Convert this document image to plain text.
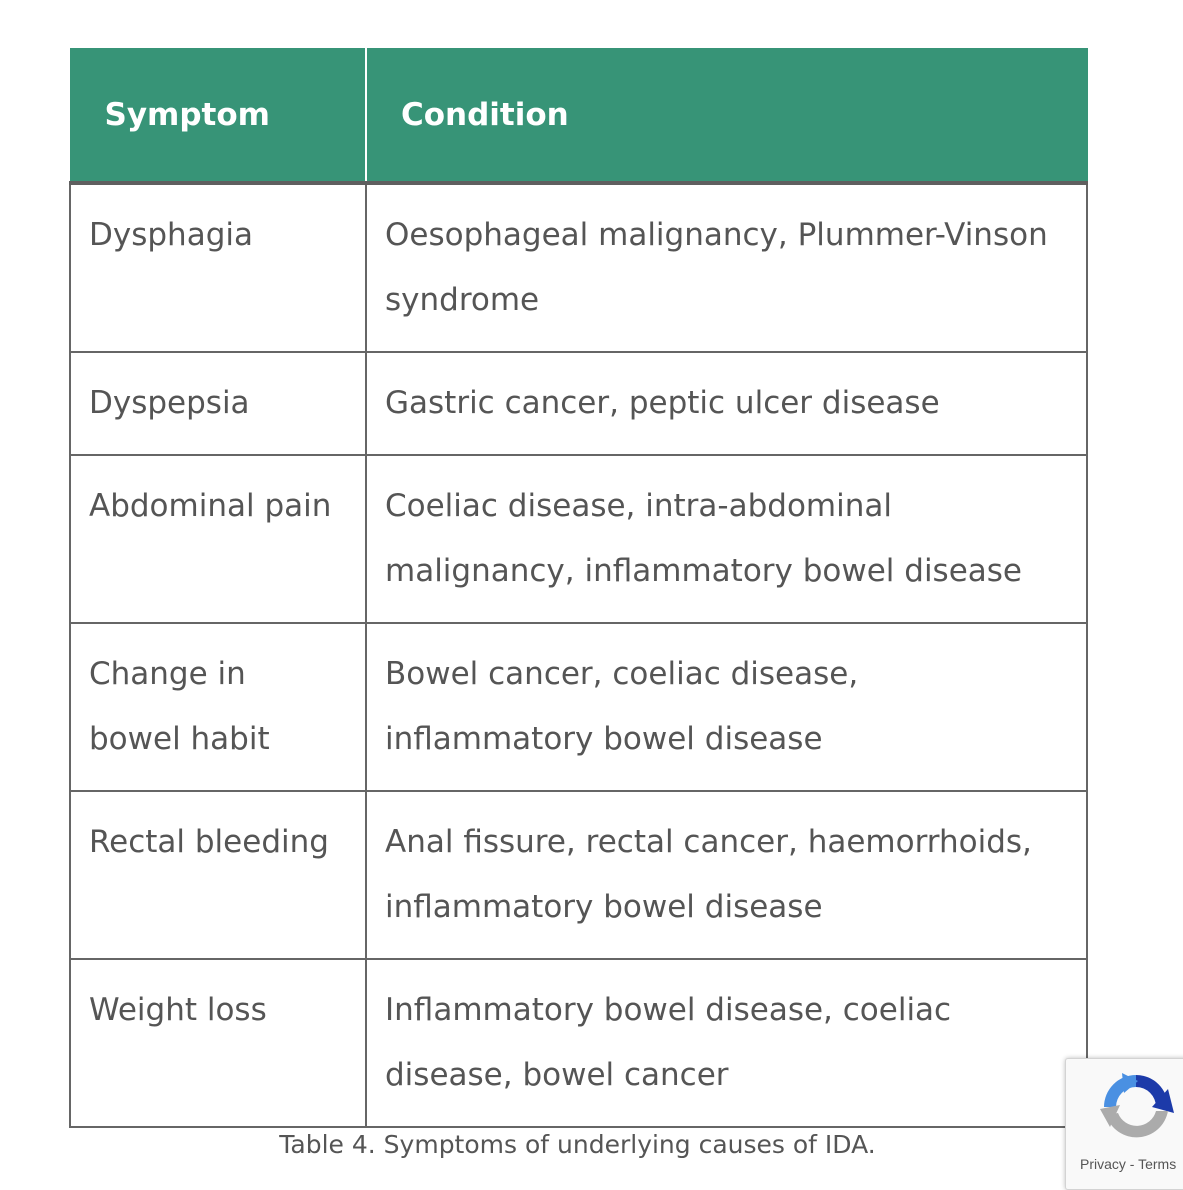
Symptom	Condition
Dysphagia	Oesophageal malignancy, Plummer-Vinson syndrome
Dyspepsia	Gastric cancer, peptic ulcer disease
Abdominal pain	Coeliac disease, intra-abdominal malignancy, inflammatory bowel disease
Change in bowel habit	Bowel cancer, coeliac disease, inflammatory bowel disease
Rectal bleeding	Anal fissure, rectal cancer, haemorrhoids, inflammatory bowel disease
Weight loss	Inflammatory bowel disease, coeliac disease, bowel cancer
Table 4. Symptoms of underlying causes of IDA.
Privacy - Terms
